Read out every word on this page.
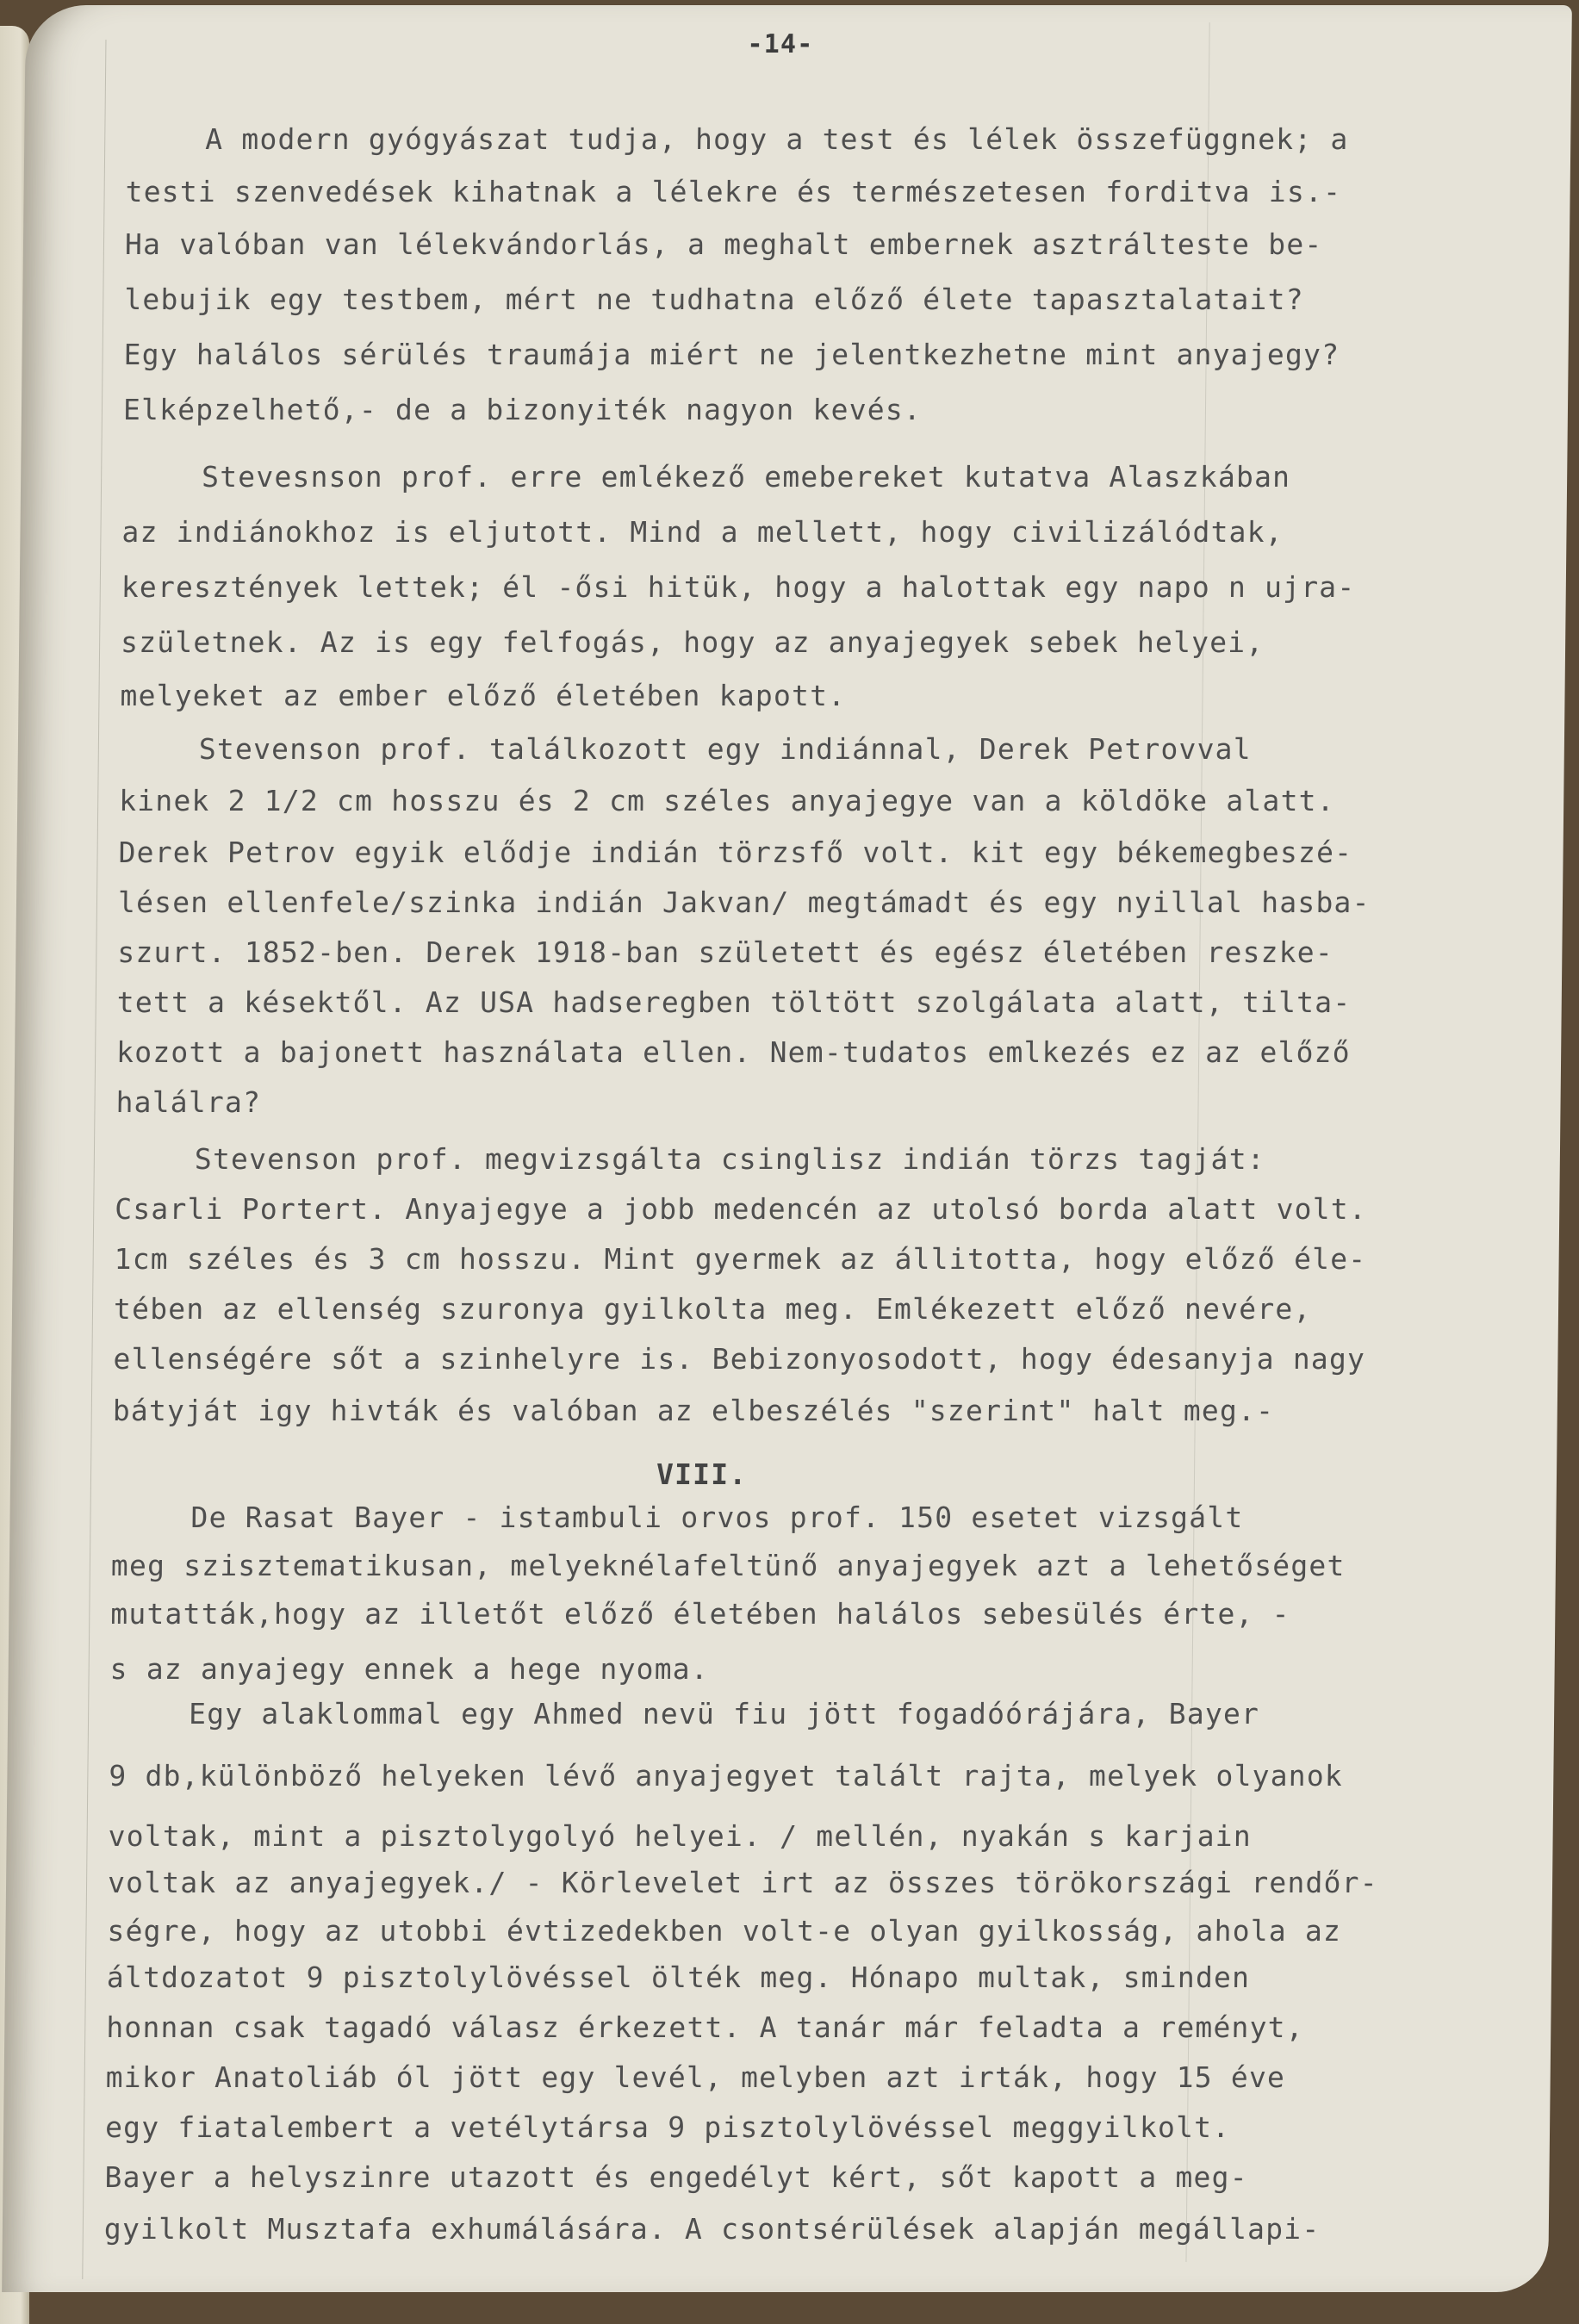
-14-
A modern gyógyászat tudja, hogy a test és lélek összefüggnek; a
testi szenvedések kihatnak a lélekre és természetesen forditva is.-
Ha valóban van lélekvándorlás, a meghalt embernek asztrálteste be-
lebujik egy testbem, mért ne tudhatna előző élete tapasztalatait?
Egy halálos sérülés traumája miért ne jelentkezhetne mint anyajegy?
Elképzelhető,- de a bizonyiték nagyon kevés.
Stevesnson prof. erre emlékező emebereket kutatva Alaszkában
az indiánokhoz is eljutott. Mind a mellett, hogy civilizálódtak,
keresztények lettek; él -ősi hitük, hogy a halottak egy napo n ujra-
születnek. Az is egy felfogás, hogy az anyajegyek sebek helyei,
melyeket az ember előző életében kapott.
Stevenson prof. találkozott egy indiánnal, Derek Petrovval
kinek 2 1/2 cm hosszu és 2 cm széles anyajegye van a köldöke alatt.
Derek Petrov egyik elődje indián törzsfő volt. kit egy békemegbeszé-
lésen ellenfele/szinka indián Jakvan/ megtámadt és egy nyillal hasba-
szurt. 1852-ben. Derek 1918-ban született és egész életében reszke-
tett a késektől. Az USA hadseregben töltött szolgálata alatt, tilta-
kozott a bajonett használata ellen. Nem-tudatos emlkezés ez az előző
halálra?
Stevenson prof. megvizsgálta csinglisz indián törzs tagját:
Csarli Portert. Anyajegye a jobb medencén az utolsó borda alatt volt.
1cm széles és 3 cm hosszu. Mint gyermek az állitotta, hogy előző éle-
tében az ellenség szuronya gyilkolta meg. Emlékezett előző nevére,
ellenségére sőt a szinhelyre is. Bebizonyosodott, hogy édesanyja nagy
bátyját igy hivták és valóban az elbeszélés "szerint" halt meg.-
VIII.
De Rasat Bayer - istambuli orvos prof. 150 esetet vizsgált
meg szisztematikusan, melyeknélafeltünő anyajegyek azt a lehetőséget
mutatták,hogy az illetőt előző életében halálos sebesülés érte, -
s az anyajegy ennek a hege nyoma.
Egy alaklommal egy Ahmed nevü fiu jött fogadóórájára, Bayer
9 db,különböző helyeken lévő anyajegyet talált rajta, melyek olyanok
voltak, mint a pisztolygolyó helyei. / mellén, nyakán s karjain
voltak az anyajegyek./ - Körlevelet irt az összes törökországi rendőr-
ségre, hogy az utobbi évtizedekben volt-e olyan gyilkosság, ahola az
áltdozatot 9 pisztolylövéssel ölték meg. Hónapo multak, sminden
honnan csak tagadó válasz érkezett. A tanár már feladta a reményt,
mikor Anatoliáb ól jött egy levél, melyben azt irták, hogy 15 éve
egy fiatalembert a vetélytársa 9 pisztolylövéssel meggyilkolt.
Bayer a helyszinre utazott és engedélyt kért, sőt kapott a meg-
gyilkolt Musztafa exhumálására. A csontsérülések alapján megállapi-
